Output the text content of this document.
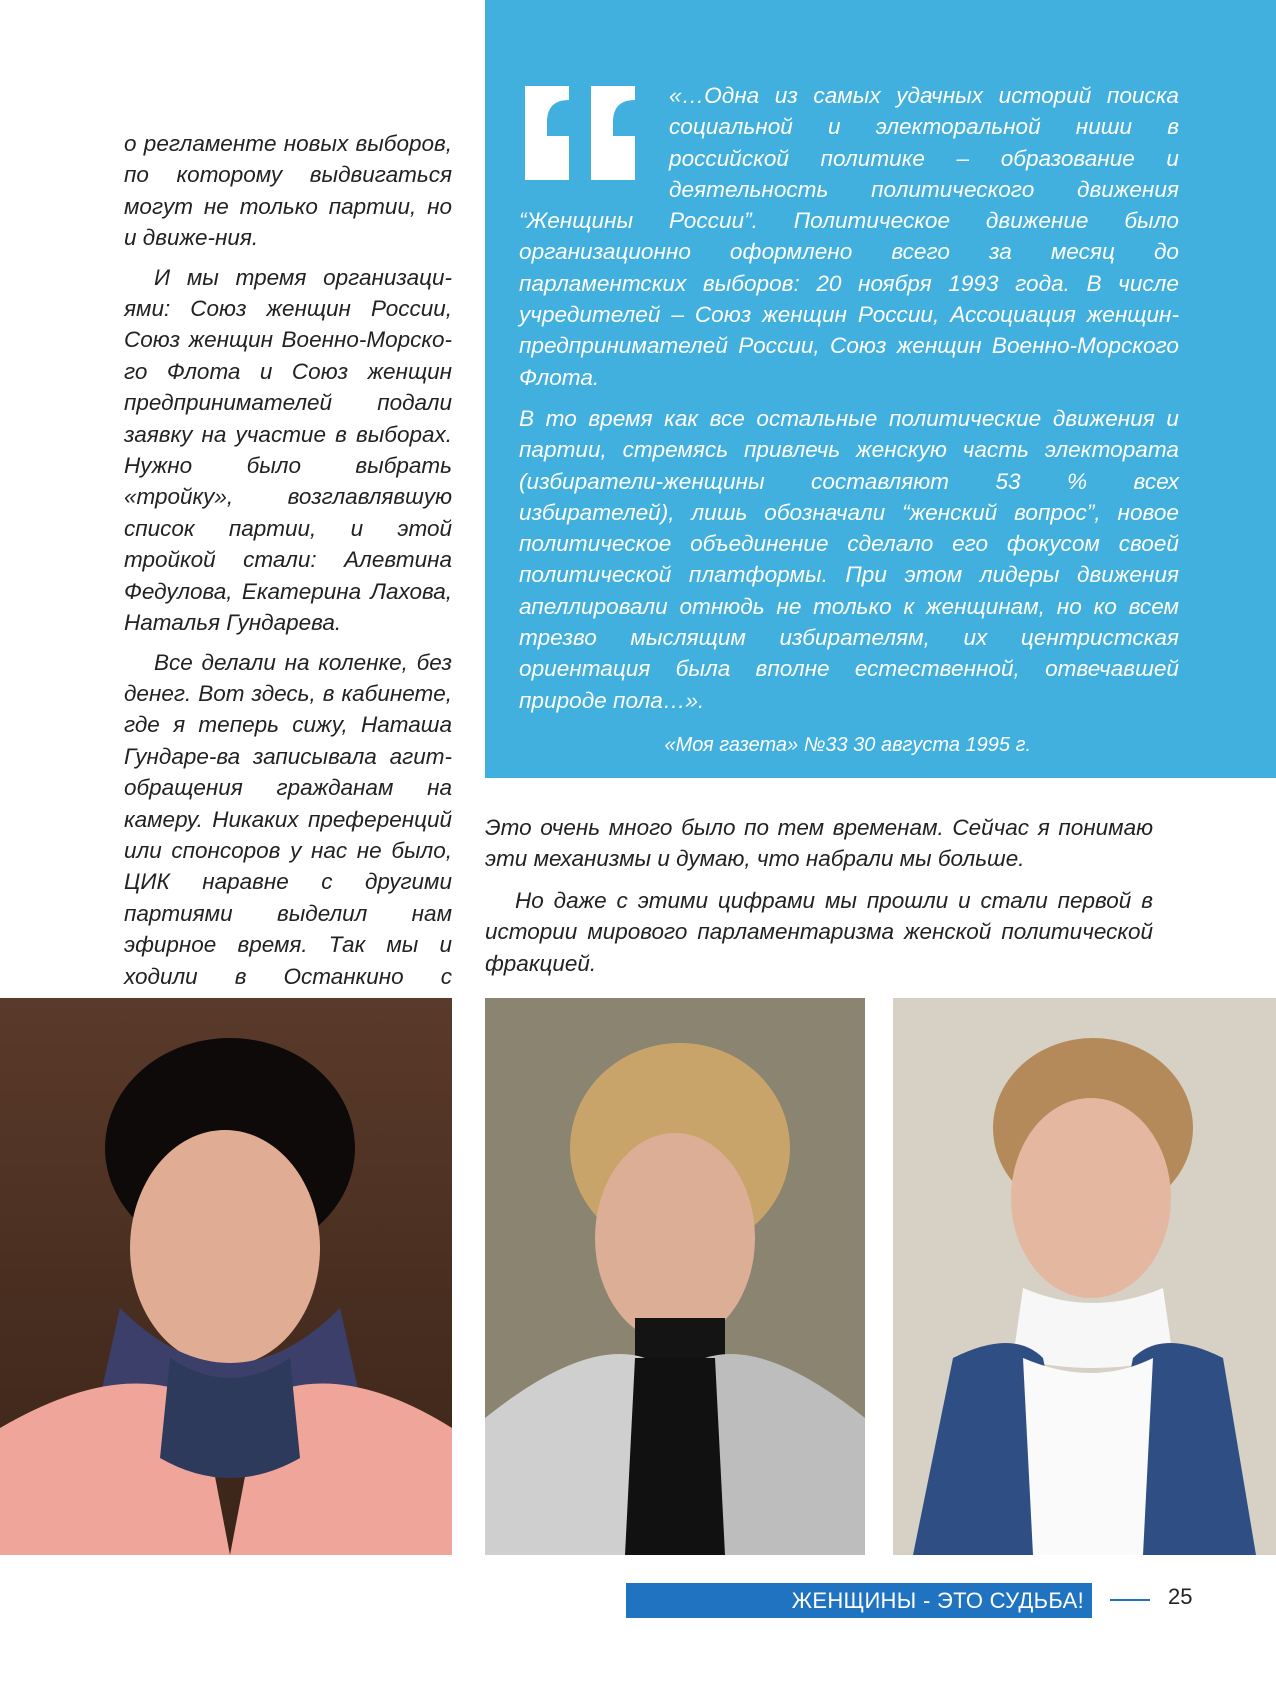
о регламенте новых выборов, по которому выдвигаться могут не только партии, но и движе-ния.

И мы тремя организаци-ями: Союз женщин России, Союз женщин Военно-Морско-го Флота и Союз женщин предпринимателей подали заявку на участие в выборах. Нужно было выбрать «тройку», возглавлявшую список партии, и этой тройкой стали: Алевтина Федулова, Екатерина Лахова, Наталья Гундарева.

Все делали на коленке, без денег. Вот здесь, в кабинете, где я теперь сижу, Наташа Гундаре-ва записывала агит-обращения гражданам на камеру. Никаких преференций или спонсоров у нас не было, ЦИК наравне с другими партиями выделил нам эфирное время. Так мы и ходили в Останкино с

«…Одна из самых удачных историй поиска социальной и электоральной ниши в российской политике – образование и деятельность политического движения

“Женщины России”. Политическое движение было организационно оформлено всего за месяц до парламентских выборов: 20 ноября 1993 года. В числе учредителей – Союз женщин России, Ассоциация женщин-предпринимателей России, Союз женщин Военно-Морского Флота.

В то время как все остальные политические движения и партии, стремясь привлечь женскую часть электората (избиратели-женщины составляют 53 % всех избирателей), лишь обозначали “женский вопрос”, новое политическое объединение сделало его фокусом своей политической платформы. При этом лидеры движения апеллировали отнюдь не только к женщинам, но ко всем трезво мыслящим избирателям, их центристская ориентация была вполне естественной, отвечавшей природе пола…».

«Моя газета» №33 30 августа 1995 г.

Это очень много было по тем временам. Сейчас я понимаю эти механизмы и думаю, что набрали мы больше.

Но даже с этими цифрами мы прошли и стали первой в истории мирового парламентаризма женской политической фракцией.

ЖЕНЩИНЫ - ЭТО СУДЬБА!	25
